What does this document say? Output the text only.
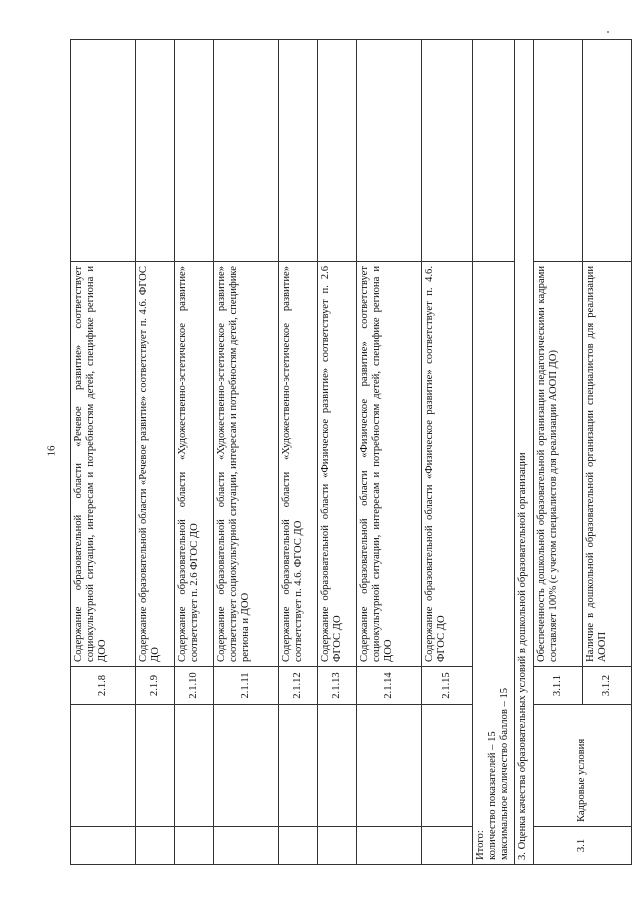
16
		2.1.8	Содержание образовательной области «Речевое развитие» соответствует социокультурной ситуации, интересам и потребностям детей, специфике региона и ДОО	
		2.1.9	Содержание образовательной области «Речевое развитие» соответствует п. 4.6. ФГОС ДО	
		2.1.10	Содержание образовательной области «Художественно-эстетическое развитие» соответствует п. 2.6 ФГОС ДО	
		2.1.11	Содержание образовательной области «Художественно-эстетическое развитие» соответствует социокультурной ситуации, интересам и потребностям детей, специфике региона и ДОО	
		2.1.12	Содержание образовательной области «Художественно-эстетическое развитие» соответствует п. 4.6. ФГОС ДО	
		2.1.13	Содержание образовательной области «Физическое развитие» соответствует п. 2.6 ФГОС ДО	
		2.1.14	Содержание образовательной области «Физическое развитие» соответствует социокультурной ситуации, интересам и потребностям детей, специфике региона и ДОО	
		2.1.15	Содержание образовательной области «Физическое развитие» соответствует п. 4.6. ФГОС ДО	

Итого: количество показателей – 15 максимальное количество баллов – 15				

3. Оценка качества образовательных условий в дошкольной образовательной организации				
3.1	Кадровые условия	3.1.1	Обеспеченность дошкольной образовательной организации педагогическими кадрами составляет 100% (с учетом специалистов для реализации АООП ДО)	
		3.1.2	Наличие в дошкольной образовательной организации специалистов для реализации АООП	
